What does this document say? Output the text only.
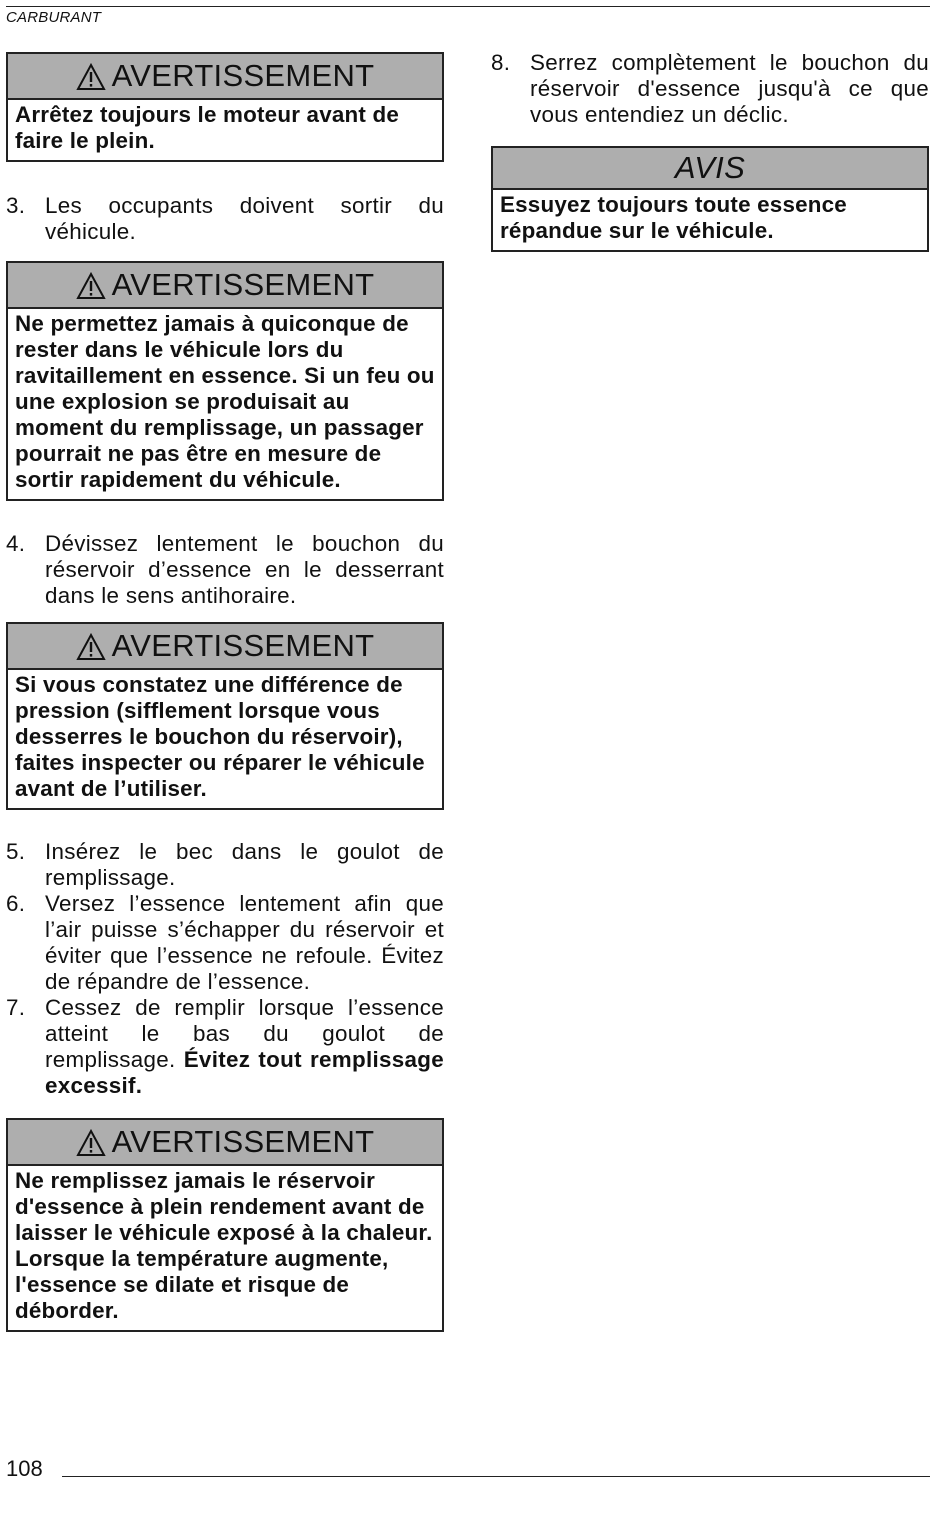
CARBURANT
AVERTISSEMENT
Arrêtez toujours le moteur avant de faire le plein.
3. Les occupants doivent sortir du véhicule.
AVERTISSEMENT
Ne permettez jamais à quiconque de rester dans le véhicule lors du ravitaillement en essence. Si un feu ou une explosion se produisait au moment du remplissage, un passager pourrait ne pas être en mesure de sortir rapidement du véhicule.
4. Dévissez lentement le bouchon du réservoir d’essence en le desserrant dans le sens antihoraire.
AVERTISSEMENT
Si vous constatez une différence de pression (sifflement lorsque vous desserres le bouchon du réservoir), faites inspecter ou réparer le véhicule avant de l’utiliser.
5. Insérez le bec dans le goulot de remplissage.
6. Versez l’essence lentement afin que l’air puisse s’échapper du réservoir et éviter que l’essence ne refoule. Évitez de répandre de l’essence.
7. Cessez de remplir lorsque l’essence atteint le bas du goulot de remplissage. Évitez tout remplissage excessif.
AVERTISSEMENT
Ne remplissez jamais le réservoir d'essence à plein rendement avant de laisser le véhicule exposé à la chaleur. Lorsque la température augmente, l'essence se dilate et risque de déborder.
8. Serrez complètement le bouchon du réservoir d'essence jusqu'à ce que vous entendiez un déclic.
AVIS
Essuyez toujours toute essence répandue sur le véhicule.
108
